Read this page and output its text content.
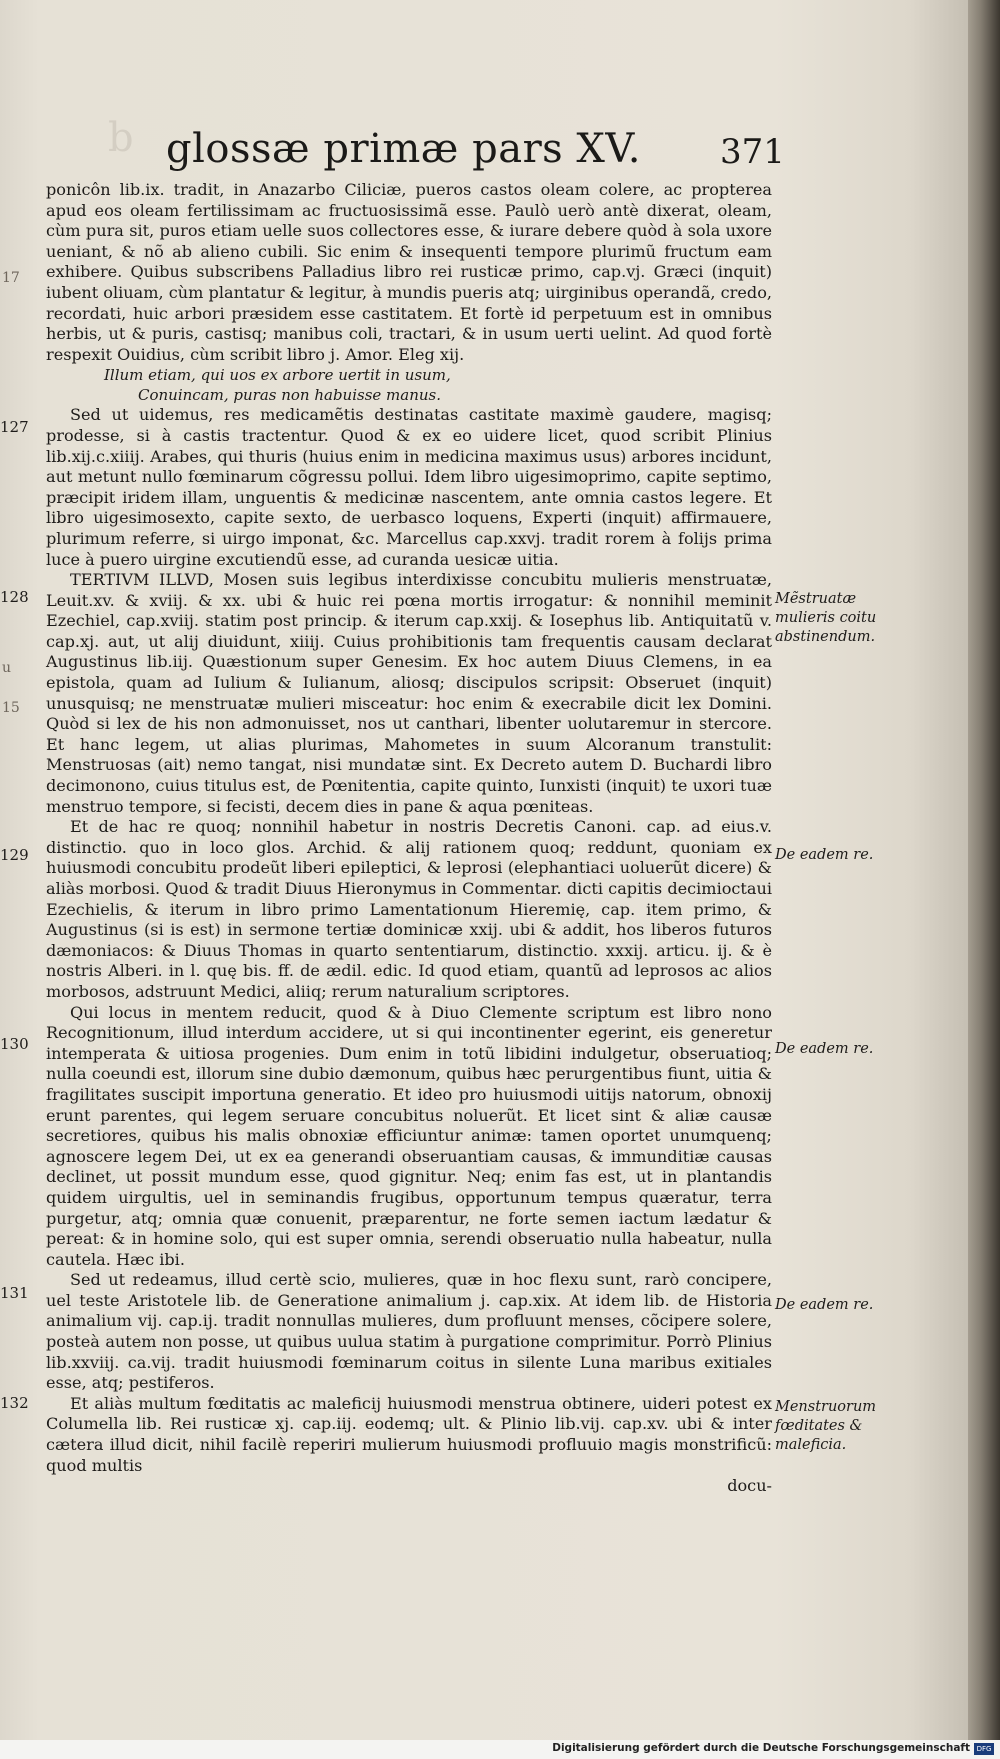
b glossæ primæ pars XV. 371
17
u
15
127
128
129
130
131
132

ponicôn lib.ix. tradit, in Anazarbo Ciliciæ, pueros castos oleam colere, ac propterea apud eos oleam fertilissimam ac fructuosissimã esse. Paulò uerò antè dixerat, oleam, cùm pura sit, puros etiam uelle suos collectores esse, & iurare debere quòd à sola uxore ueniant, & nõ ab alieno cubili. Sic enim & insequenti tempore plurimũ fructum eam exhibere. Quibus subscribens Palladius libro rei rusticæ primo, cap.vj. Græci (inquit) iubent oliuam, cùm plantatur & legitur, à mundis pueris atq; uirginibus operandã, credo, recordati, huic arbori præsidem esse castitatem. Et fortè id perpetuum est in omnibus herbis, ut & puris, castisq; manibus coli, tractari, & in usum uerti uelint. Ad quod fortè respexit Ouidius, cùm scribit libro j. Amor. Eleg xij.

Illum etiam, qui uos ex arbore uertit in usum,

Conuincam, puras non habuisse manus.

Sed ut uidemus, res medicamẽtis destinatas castitate maximè gaudere, magisq; prodesse, si à castis tractentur. Quod & ex eo uidere licet, quod scribit Plinius lib.xij.c.xiiij. Arabes, qui thuris (huius enim in medicina maximus usus) arbores incidunt, aut metunt nullo fœminarum cõgressu pollui. Idem libro uigesimoprimo, capite septimo, præcipit iridem illam, unguentis & medicinæ nascentem, ante omnia castos legere. Et libro uigesimosexto, capite sexto, de uerbasco loquens, Experti (inquit) affirmauere, plurimum referre, si uirgo imponat, &c. Marcellus cap.xxvj. tradit rorem à folijs prima luce à puero uirgine excutiendũ esse, ad curanda uesicæ uitia.

TERTIVM ILLVD, Mosen suis legibus interdixisse concubitu mulieris menstruatæ, Leuit.xv. & xviij. & xx. ubi & huic rei pœna mortis irrogatur: & nonnihil meminit Ezechiel, cap.xviij. statim post princip. & iterum cap.xxij. & Iosephus lib. Antiquitatũ v. cap.xj. aut, ut alij diuidunt, xiiij. Cuius prohibitionis tam frequentis causam declarat Augustinus lib.iij. Quæstionum super Genesim. Ex hoc autem Diuus Clemens, in ea epistola, quam ad Iulium & Iulianum, aliosq; discipulos scripsit: Obseruet (inquit) unusquisq; ne menstruatæ mulieri misceatur: hoc enim & execrabile dicit lex Domini. Quòd si lex de his non admonuisset, nos ut canthari, libenter uolutaremur in stercore. Et hanc legem, ut alias plurimas, Mahometes in suum Alcoranum transtulit: Menstruosas (ait) nemo tangat, nisi mundatæ sint. Ex Decreto autem D. Buchardi libro decimonono, cuius titulus est, de Pœnitentia, capite quinto, Iunxisti (inquit) te uxori tuæ menstruo tempore, si fecisti, decem dies in pane & aqua pœniteas.

Et de hac re quoq; nonnihil habetur in nostris Decretis Canoni. cap. ad eius.v. distinctio. quo in loco glos. Archid. & alij rationem quoq; reddunt, quoniam ex huiusmodi concubitu prodeũt liberi epileptici, & leprosi (elephantiaci uoluerũt dicere) & aliàs morbosi. Quod & tradit Diuus Hieronymus in Commentar. dicti capitis decimioctaui Ezechielis, & iterum in libro primo Lamentationum Hieremię, cap. item primo, & Augustinus (si is est) in sermone tertiæ dominicæ xxij. ubi & addit, hos liberos futuros dæmoniacos: & Diuus Thomas in quarto sententiarum, distinctio. xxxij. articu. ij. & è nostris Alberi. in l. quę bis. ff. de ædil. edic. Id quod etiam, quantũ ad leprosos ac alios morbosos, adstruunt Medici, aliiq; rerum naturalium scriptores.

Qui locus in mentem reducit, quod & à Diuo Clemente scriptum est libro nono Recognitionum, illud interdum accidere, ut si qui incontinenter egerint, eis generetur intemperata & uitiosa progenies. Dum enim in totũ libidini indulgetur, obseruatioq; nulla coeundi est, illorum sine dubio dæmonum, quibus hæc perurgentibus fiunt, uitia & fragilitates suscipit importuna generatio. Et ideo pro huiusmodi uitijs natorum, obnoxij erunt parentes, qui legem seruare concubitus noluerũt. Et licet sint & aliæ causæ secretiores, quibus his malis obnoxiæ efficiuntur animæ: tamen oportet unumquenq; agnoscere legem Dei, ut ex ea generandi obseruantiam causas, & immunditiæ causas declinet, ut possit mundum esse, quod gignitur. Neq; enim fas est, ut in plantandis quidem uirgultis, uel in seminandis frugibus, opportunum tempus quæratur, terra purgetur, atq; omnia quæ conuenit, præparentur, ne forte semen iactum lædatur & pereat: & in homine solo, qui est super omnia, serendi obseruatio nulla habeatur, nulla cautela. Hæc ibi.

Sed ut redeamus, illud certè scio, mulieres, quæ in hoc flexu sunt, rarò concipere, uel teste Aristotele lib. de Generatione animalium j. cap.xix. At idem lib. de Historia animalium vij. cap.ij. tradit nonnullas mulieres, dum profluunt menses, cõcipere solere, posteà autem non posse, ut quibus uulua statim à purgatione comprimitur. Porrò Plinius lib.xxviij. ca.vij. tradit huiusmodi fœminarum coitus in silente Luna maribus exitiales esse, atq; pestiferos.

Et aliàs multum fœditatis ac maleficij huiusmodi menstrua obtinere, uideri potest ex Columella lib. Rei rusticæ xj. cap.iij. eodemq; ult. & Plinio lib.vij. cap.xv. ubi & inter cætera illud dicit, nihil facilè reperiri mulierum huiusmodi profluuio magis monstrificũ: quod multis

docu-

Mẽstruatæ mulieris coitu abstinendum.
De eadem re.
De eadem re.
De eadem re.
Menstruorum fœditates & maleficia.
Digitalisierung gefördert durch die Deutsche Forschungsgemeinschaft DFG
